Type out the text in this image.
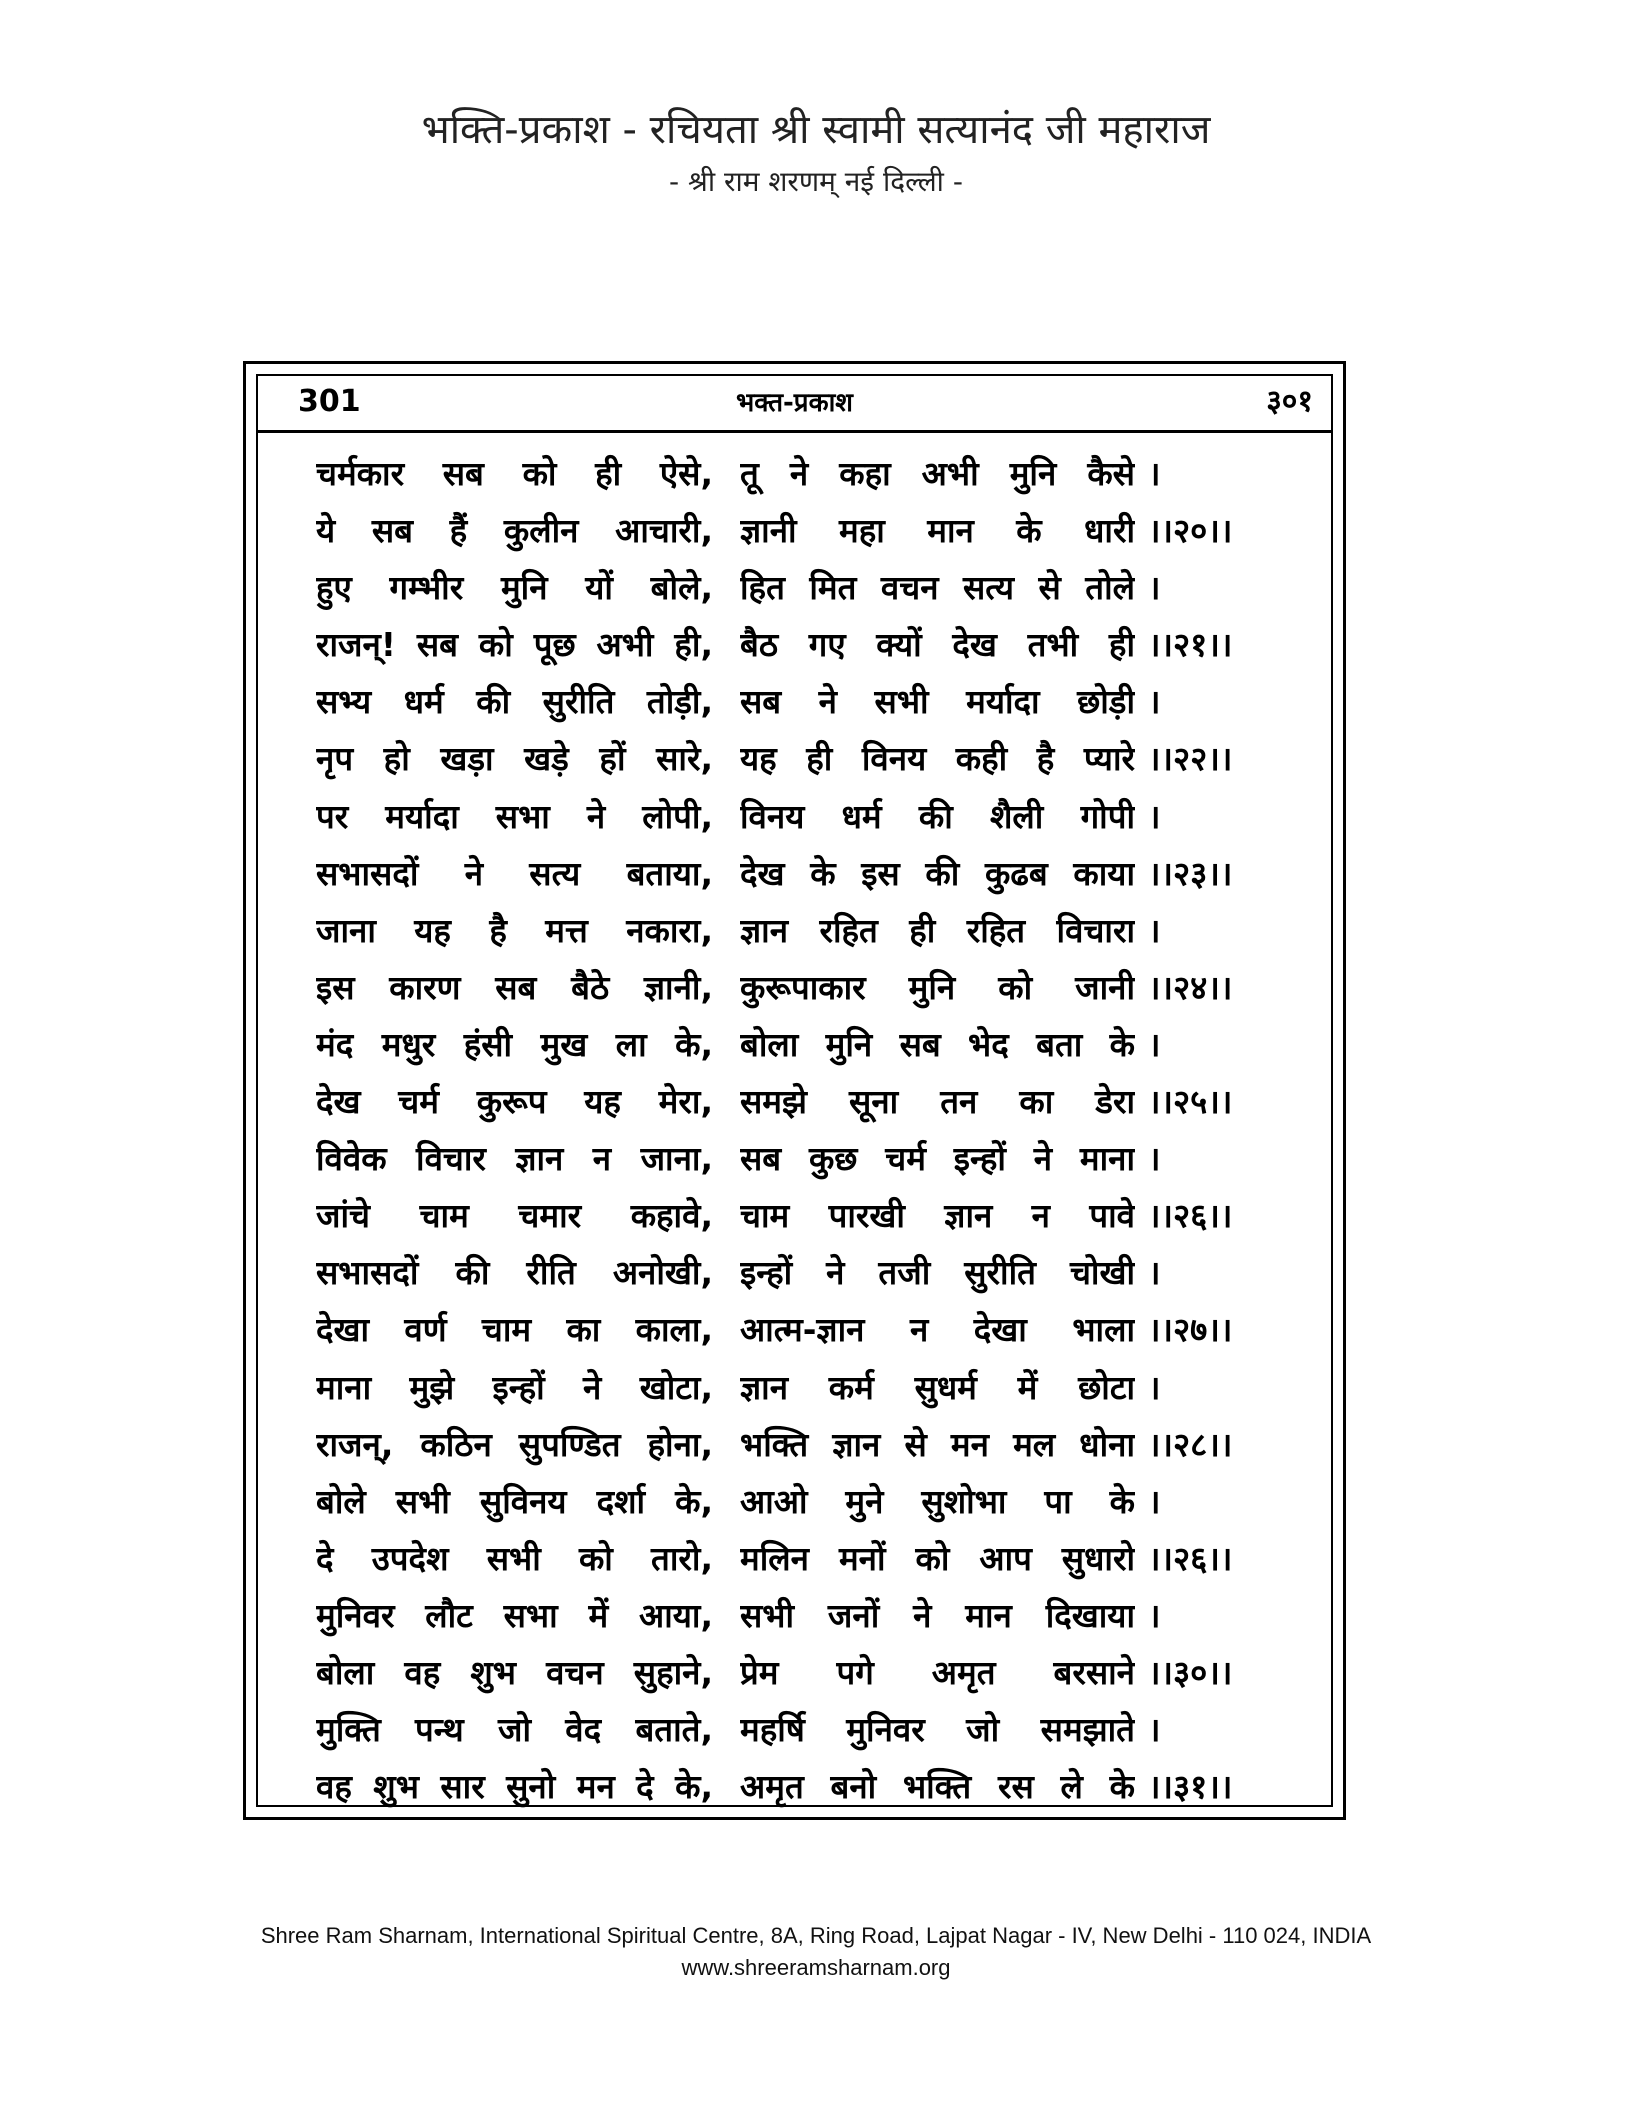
भक्ति-प्रकाश - रचियता श्री स्वामी सत्यानंद जी महाराज
- श्री राम शरणम् नई दिल्ली -
301	भक्त-प्रकाश	३०१
चर्मकार सब को ही ऐसे, तू ने कहा अभी मुनि कैसे ।
ये सब हैं कुलीन आचारी, ज्ञानी महा मान के धारी ।।२०।।
हुए गम्भीर मुनि यों बोले, हित मित वचन सत्य से तोले ।
राजन्! सब को पूछ अभी ही, बैठ गए क्यों देख तभी ही ।।२१।।
सभ्य धर्म की सुरीति तोड़ी, सब ने सभी मर्यादा छोड़ी ।
नृप हो खड़ा खड़े हों सारे, यह ही विनय कही है प्यारे ।।२२।।
पर मर्यादा सभा ने लोपी, विनय धर्म की शैली गोपी ।
सभासदों ने सत्य बताया, देख के इस की कुढब काया ।।२३।।
जाना यह है मत्त नकारा, ज्ञान रहित ही रहित विचारा ।
इस कारण सब बैठे ज्ञानी, कुरूपाकार मुनि को जानी ।।२४।।
मंद मधुर हंसी मुख ला के, बोला मुनि सब भेद बता के ।
देख चर्म कुरूप यह मेरा, समझे सूना तन का डेरा ।।२५।।
विवेक विचार ज्ञान न जाना, सब कुछ चर्म इन्हों ने माना ।
जांचे चाम चमार कहावे, चाम पारखी ज्ञान न पावे ।।२६।।
सभासदों की रीति अनोखी, इन्हों ने तजी सुरीति चोखी ।
देखा वर्ण चाम का काला, आत्म-ज्ञान न देखा भाला ।।२७।।
माना मुझे इन्हों ने खोटा, ज्ञान कर्म सुधर्म में छोटा ।
राजन्, कठिन सुपण्डित होना, भक्ति ज्ञान से मन मल धोना ।।२८।।
बोले सभी सुविनय दर्शा के, आओ मुने सुशोभा पा के ।
दे उपदेश सभी को तारो, मलिन मनों को आप सुधारो ।।२६।।
मुनिवर लौट सभा में आया, सभी जनों ने मान दिखाया ।
बोला वह शुभ वचन सुहाने, प्रेम पगे अमृत बरसाने ।।३०।।
मुक्ति पन्थ जो वेद बताते, महर्षि मुनिवर जो समझाते ।
वह शुभ सार सुनो मन दे के, अमृत बनो भक्ति रस ले के ।।३१।।
Shree Ram Sharnam, International Spiritual Centre, 8A, Ring Road, Lajpat Nagar - IV, New Delhi - 110 024, INDIA
www.shreeramsharnam.org
